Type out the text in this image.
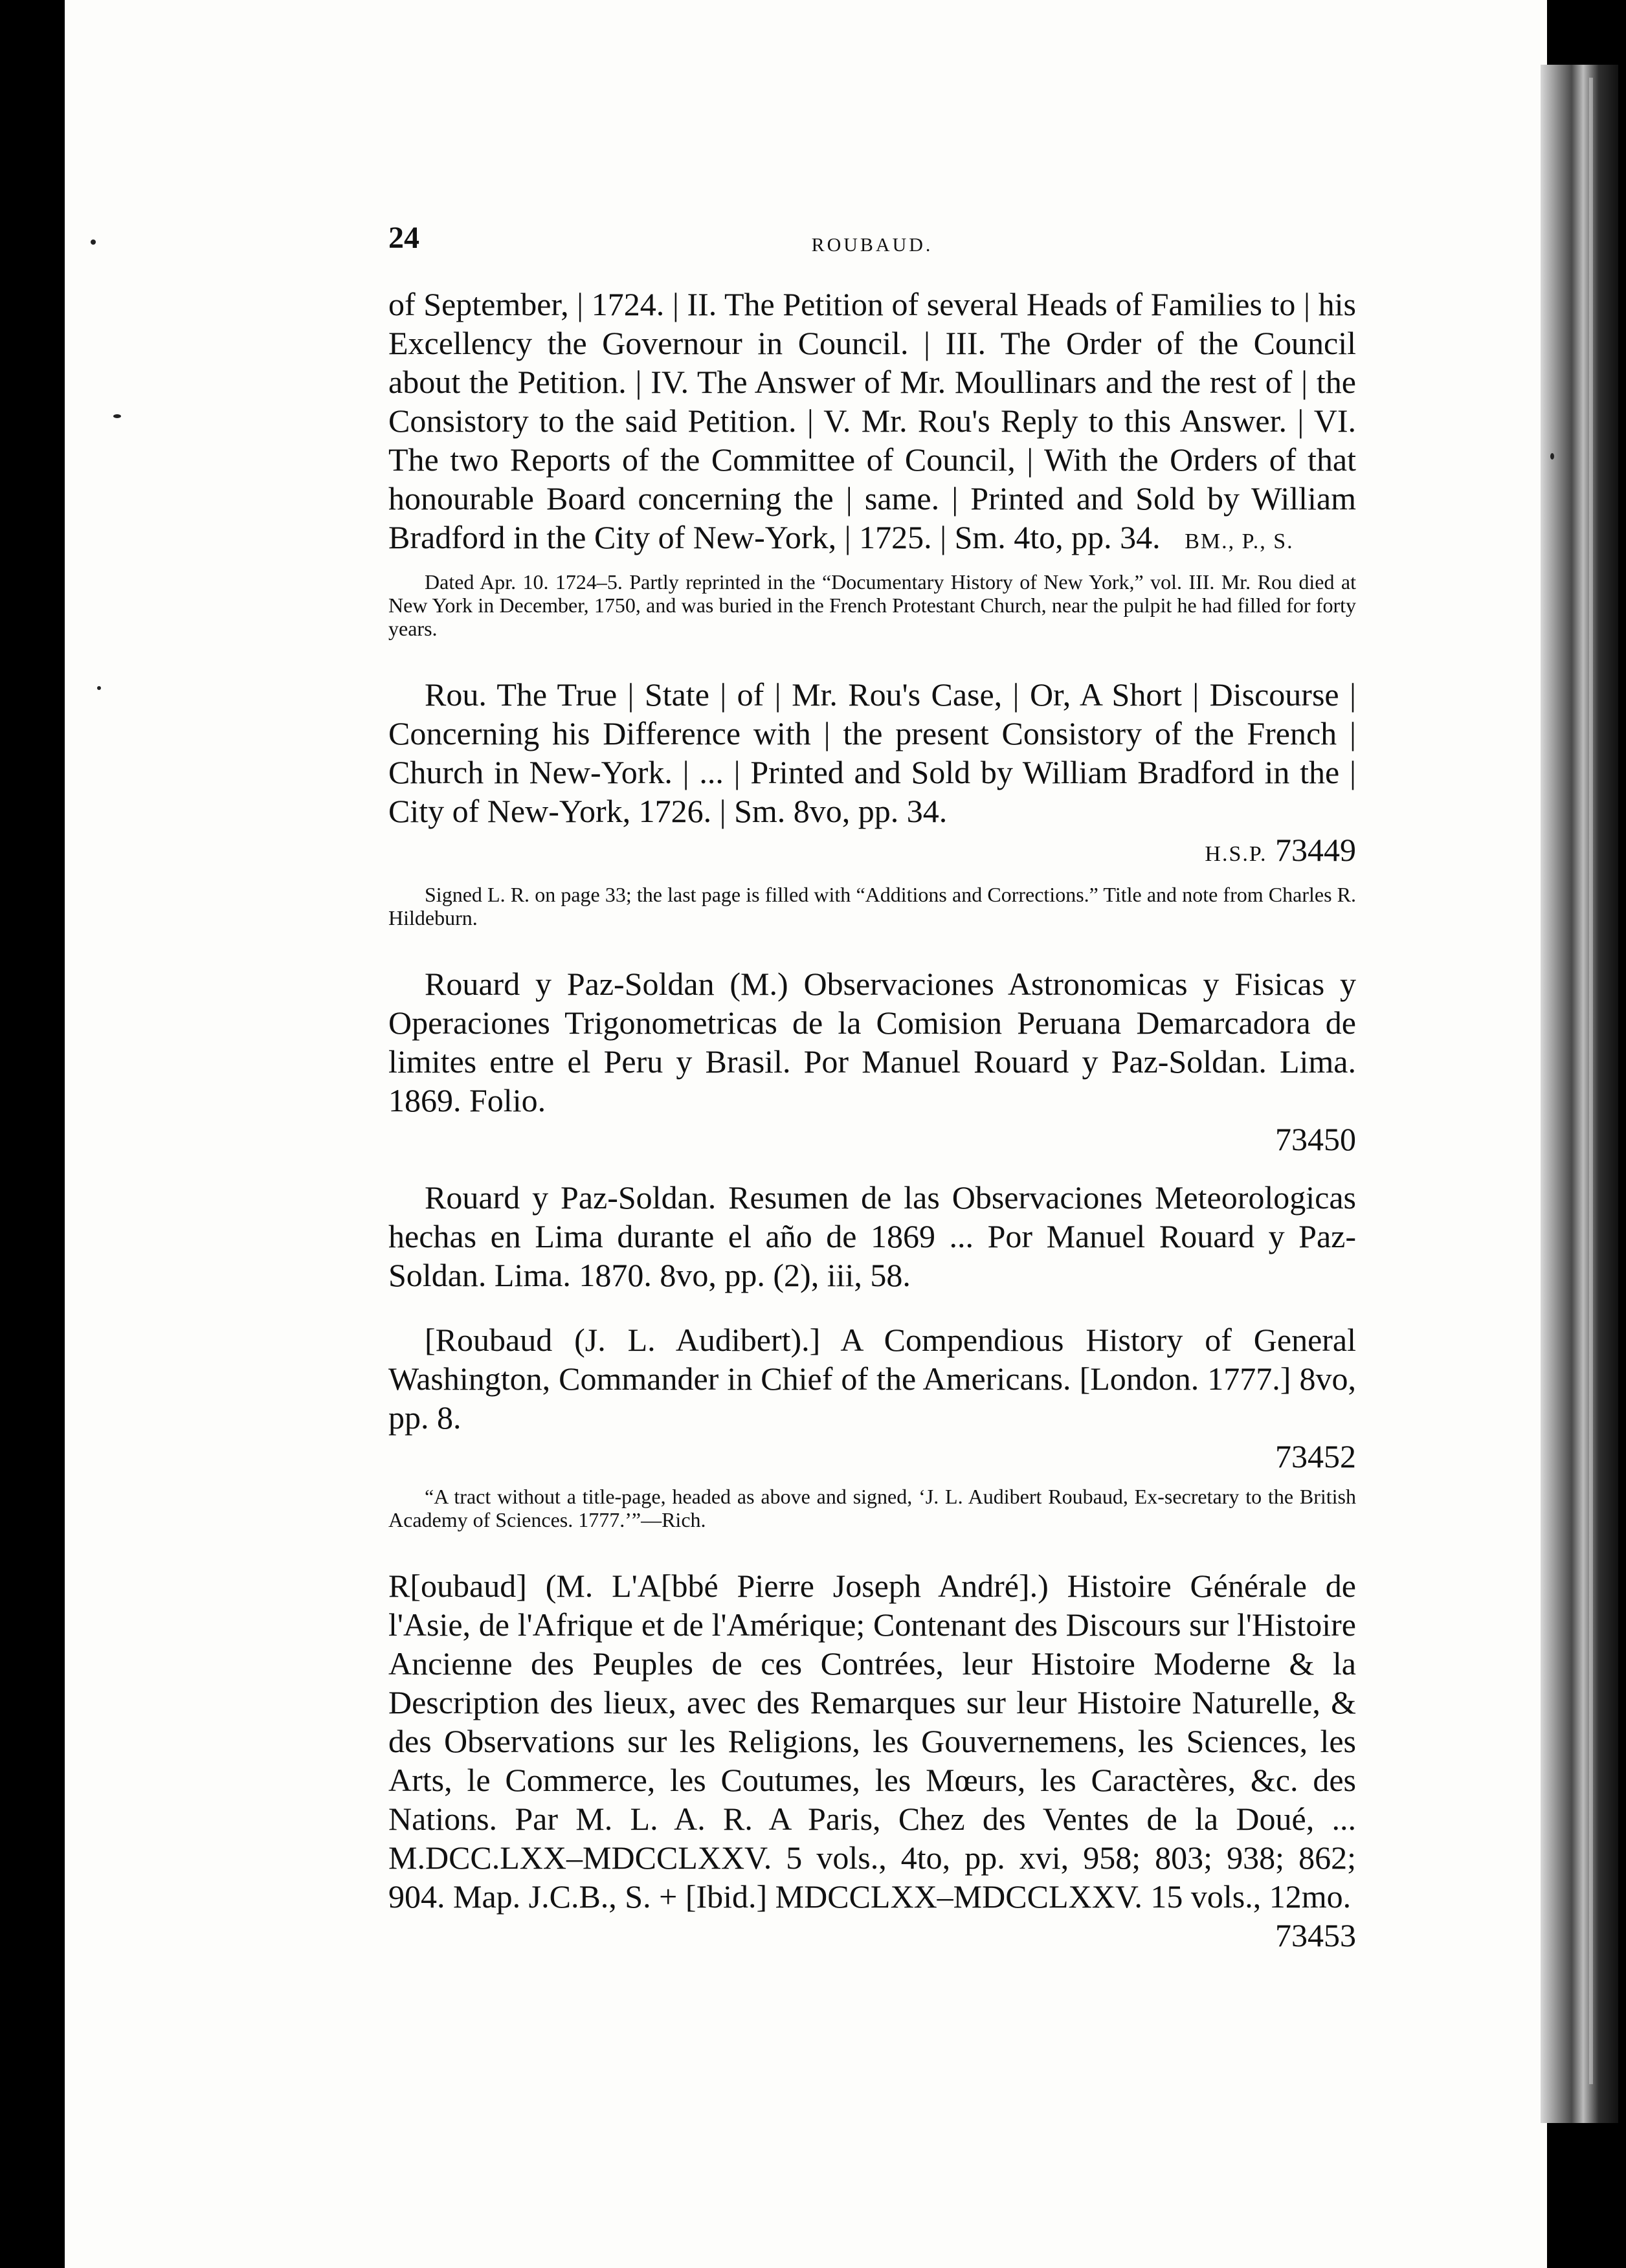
24	ROUBAUD.

of September, | 1724. | II. The Petition of several Heads of Families to | his Excellency the Governour in Council. | III. The Order of the Council about the Petition. | IV. The Answer of Mr. Moullinars and the rest of | the Consistory to the said Petition. | V. Mr. Rou's Reply to this Answer. | VI. The two Reports of the Committee of Council, | With the Orders of that honourable Board concerning the | same. | Printed and Sold by William Bradford in the City of New-York, | 1725. | Sm. 4to, pp. 34. BM., P., S.

Dated Apr. 10. 1724–5. Partly reprinted in the “Documentary History of New York,” vol. III. Mr. Rou died at New York in December, 1750, and was buried in the French Protestant Church, near the pulpit he had filled for forty years.

Rou. The True | State | of | Mr. Rou's Case, | Or, A Short | Discourse | Concerning his Difference with | the present Consistory of the French | Church in New-York. | ... | Printed and Sold by William Bradford in the | City of New-York, 1726. | Sm. 8vo, pp. 34.

H.S.P. 73449

Signed L. R. on page 33; the last page is filled with “Additions and Corrections.” Title and note from Charles R. Hildeburn.

Rouard y Paz-Soldan (M.) Observaciones Astronomicas y Fisicas y Operaciones Trigonometricas de la Comision Peruana Demarcadora de limites entre el Peru y Brasil. Por Manuel Rouard y Paz-Soldan. Lima. 1869. Folio.

73450

Rouard y Paz-Soldan. Resumen de las Observaciones Meteorologicas hechas en Lima durante el año de 1869 ... Por Manuel Rouard y Paz-Soldan. Lima. 1870. 8vo, pp. (2), iii, 58.

[Roubaud (J. L. Audibert).] A Compendious History of General Washington, Commander in Chief of the Americans. [London. 1777.] 8vo, pp. 8.

73452

“A tract without a title-page, headed as above and signed, ‘J. L. Audibert Roubaud, Ex-secretary to the British Academy of Sciences. 1777.’”—Rich.

R[oubaud] (M. L'A[bbé Pierre Joseph André].) Histoire Générale de l'Asie, de l'Afrique et de l'Amérique; Contenant des Discours sur l'Histoire Ancienne des Peuples de ces Contrées, leur Histoire Moderne & la Description des lieux, avec des Remarques sur leur Histoire Naturelle, & des Observations sur les Religions, les Gouvernemens, les Sciences, les Arts, le Commerce, les Coutumes, les Mœurs, les Caractères, &c. des Nations. Par M. L. A. R. A Paris, Chez des Ventes de la Doué, ... M.DCC.LXX–MDCCLXXV. 5 vols., 4to, pp. xvi, 958; 803; 938; 862; 904. Map. J.C.B., S. + [Ibid.] MDCCLXX–MDCCLXXV. 15 vols., 12mo.

73453
